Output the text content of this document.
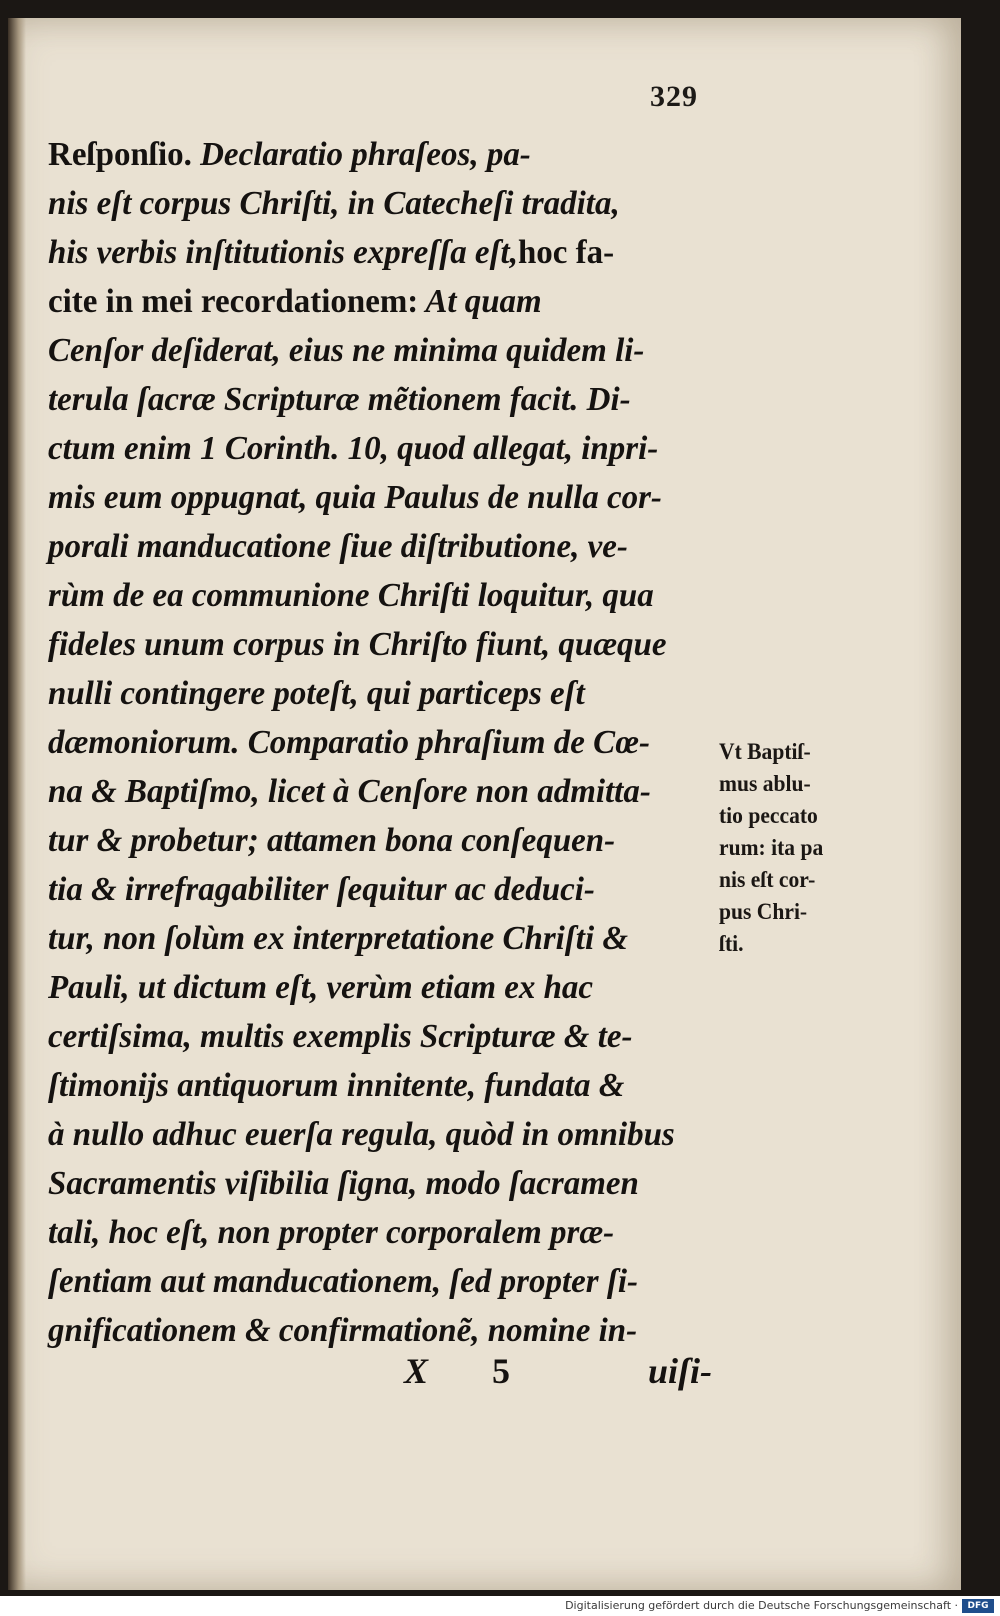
329
Reſponſio. Declaratio phraſeos, pa-
nis eſt corpus Chriſti, in Catecheſi tradita,
his verbis inſtitutionis expreſſa eſt,hoc fa-
cite in mei recordationem: At quam
Cenſor deſiderat, eius ne minima quidem li-
terula ſacræ Scripturæ mẽtionem facit. Di-
ctum enim 1 Corinth. 10, quod allegat, inpri-
mis eum oppugnat, quia Paulus de nulla cor-
porali manducatione ſiue diſtributione, ve-
rùm de ea communione Chriſti loquitur, qua
fideles unum corpus in Chriſto fiunt, quæque
nulli contingere poteſt, qui particeps eſt
dæmoniorum. Comparatio phraſium de Cœ-
na & Baptiſmo, licet à Cenſore non admitta-
tur & probetur; attamen bona conſequen-
tia & irrefragabiliter ſequitur ac deduci-
tur, non ſolùm ex interpretatione Chriſti &
Pauli, ut dictum eſt, verùm etiam ex hac
certiſsima, multis exemplis Scripturæ & te-
ſtimonijs antiquorum innitente, fundata &
à nullo adhuc euerſa regula, quòd in omnibus
Sacramentis viſibilia ſigna, modo ſacramen
tali, hoc eſt, non propter corporalem præ-
ſentiam aut manducationem, ſed propter ſi-
gnificationem & confirmationẽ, nomine in-
Vt Baptiſ-
mus ablu-
tio peccato
rum: ita pa
nis eſt cor-
pus Chri-
ſti.
X 5	uiſi-
Digitalisierung gefördert durch die Deutsche Forschungsgemeinschaft ·	DFG
